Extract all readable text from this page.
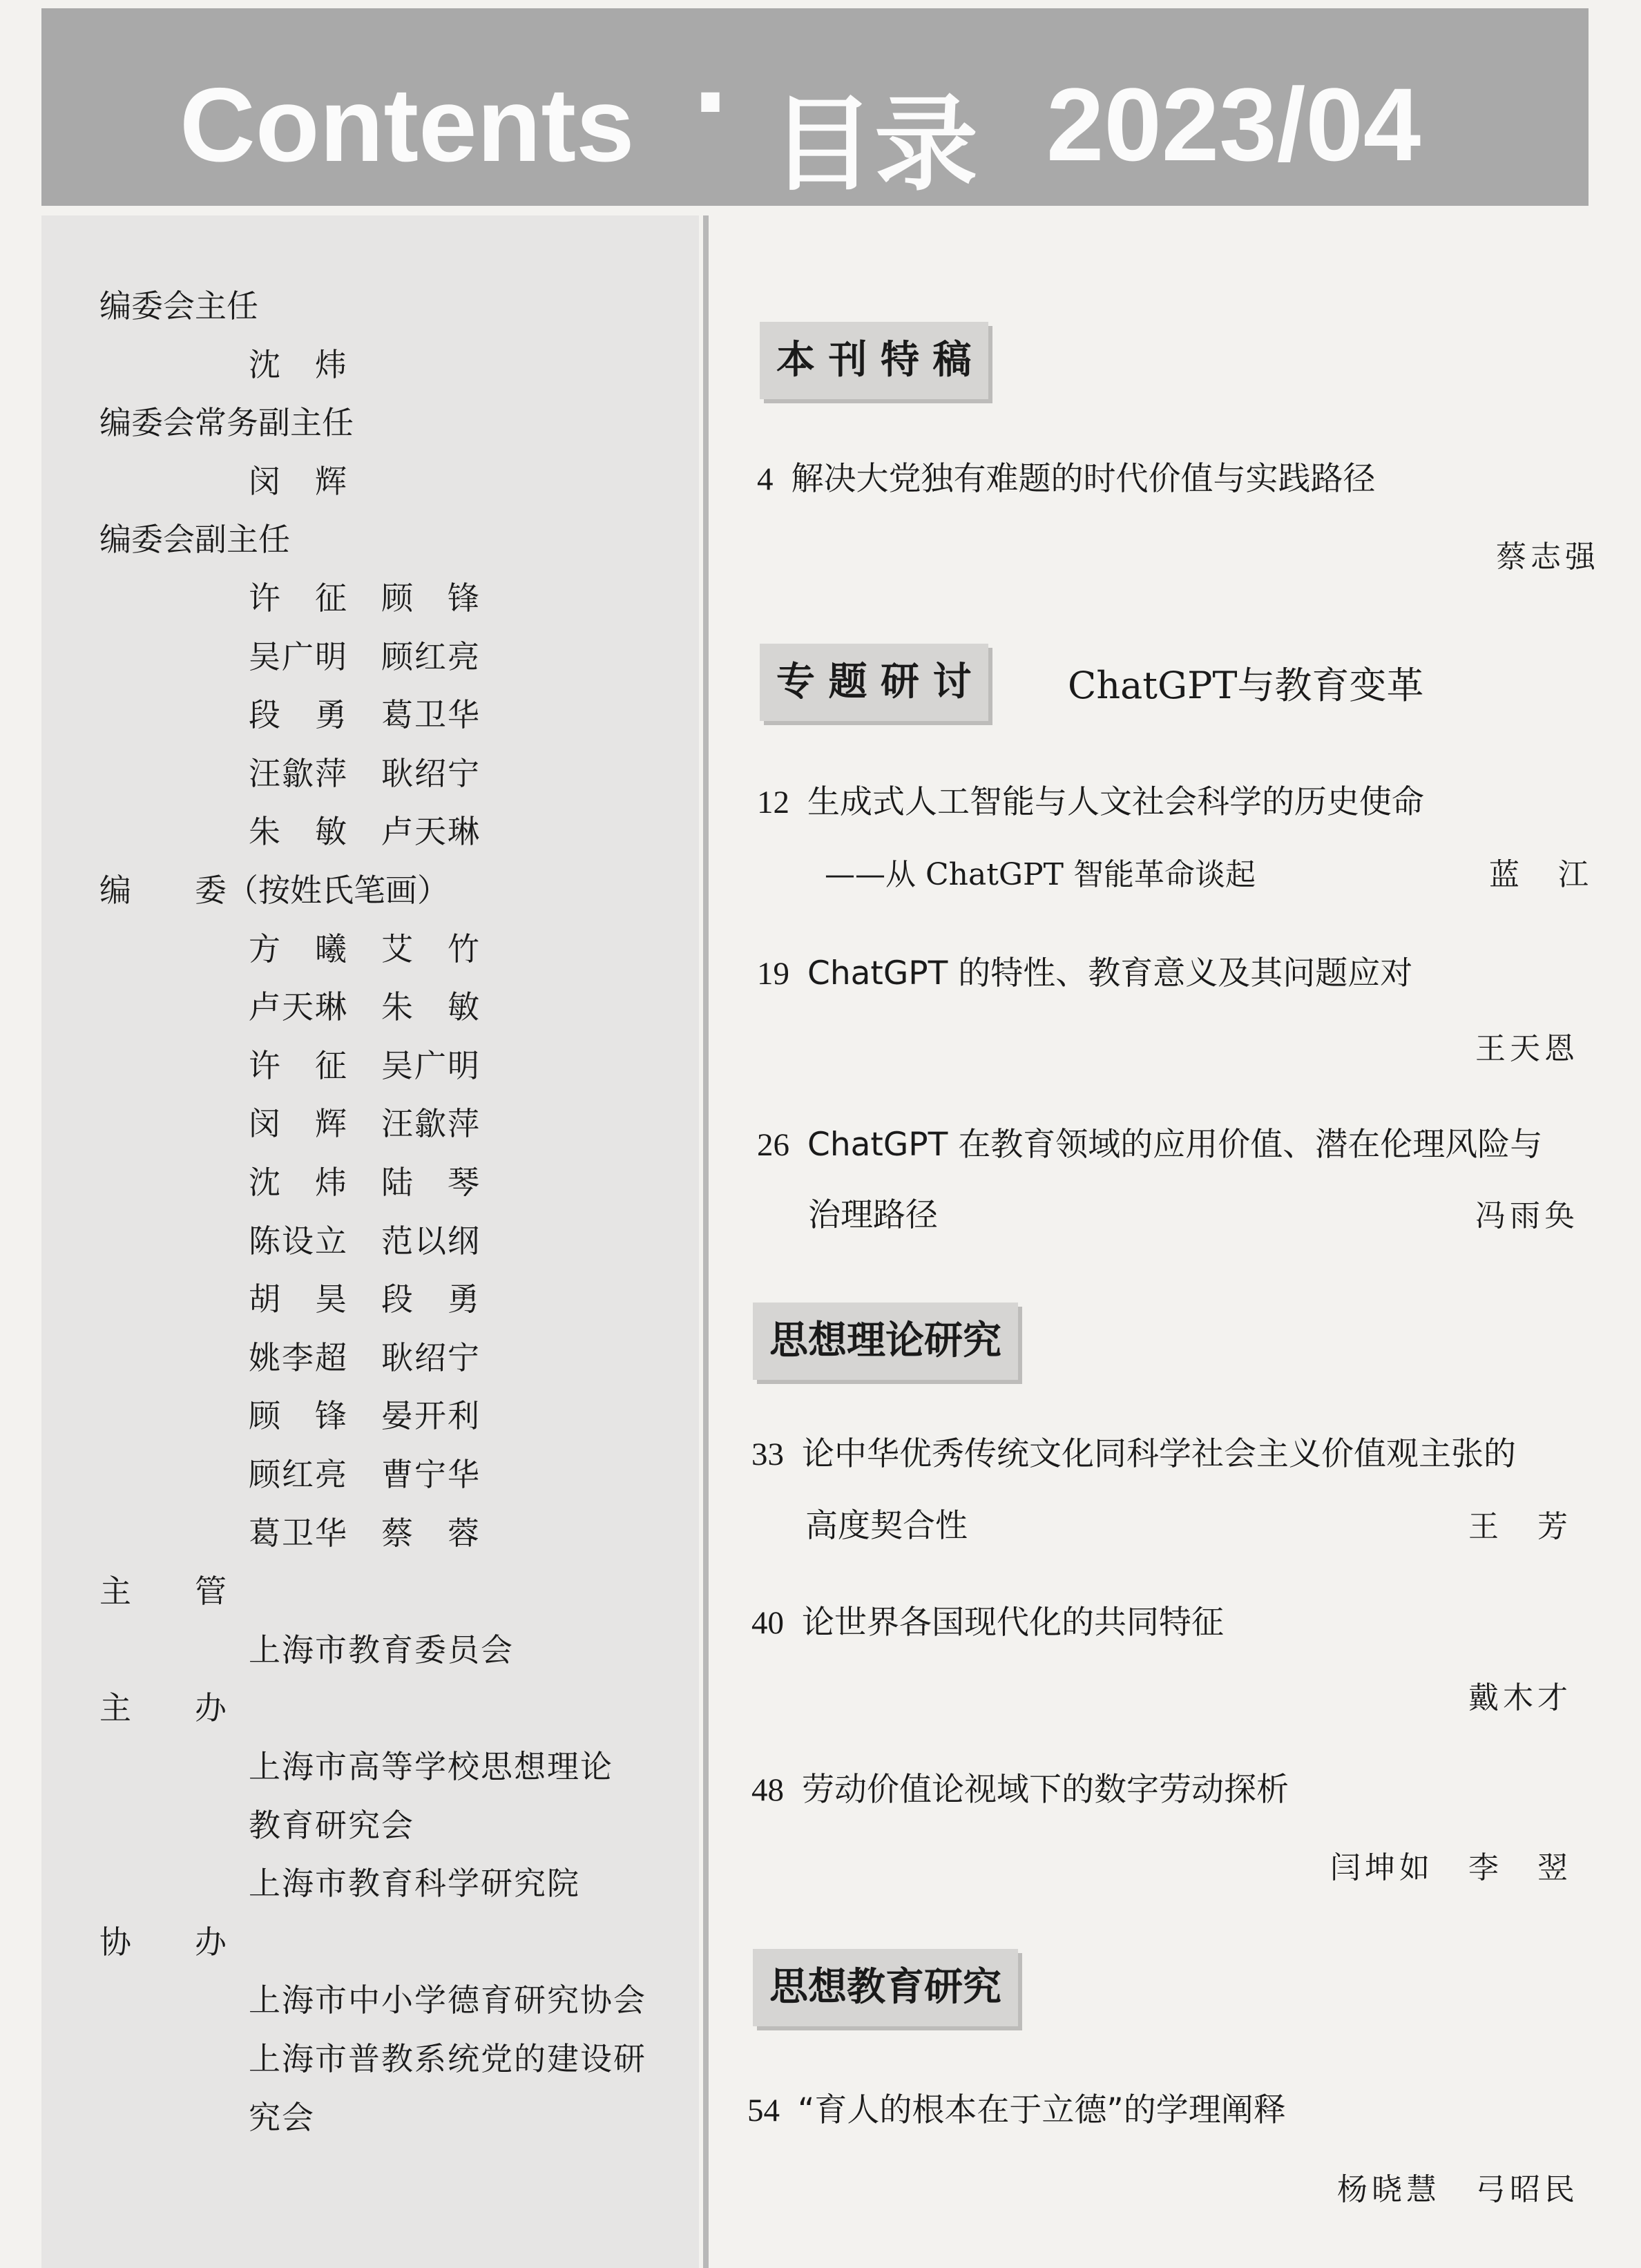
Contents · 目录 2023/04
编委会主任
沈　炜
编委会常务副主任
闵　辉
编委会副主任
许　征　顾　锋
吴广明　顾红亮
段　勇　葛卫华
汪歙萍　耿绍宁
朱　敏　卢天琳
编　　委（按姓氏笔画）
方　曦　艾　竹
卢天琳　朱　敏
许　征　吴广明
闵　辉　汪歙萍
沈　炜　陆　琴
陈设立　范以纲
胡　昊　段　勇
姚李超　耿绍宁
顾　锋　晏开利
顾红亮　曹宁华
葛卫华　蔡　蓉
主　　管
上海市教育委员会
主　　办
上海市高等学校思想理论
教育研究会
上海市教育科学研究院
协　　办
上海市中小学德育研究协会
上海市普教系统党的建设研
究会
本 刊 特 稿
4 解决大党独有难题的时代价值与实践路径
蔡志强
专 题 研 讨	ChatGPT与教育变革
12 生成式人工智能与人文社会科学的历史使命
——从 ChatGPT 智能革命谈起	蓝　江
19 ChatGPT 的特性、教育意义及其问题应对
王天恩
26 ChatGPT 在教育领域的应用价值、潜在伦理风险与
治理路径	冯雨奂
思想理论研究
33 论中华优秀传统文化同科学社会主义价值观主张的
高度契合性	王　芳
40 论世界各国现代化的共同特征
戴木才
48 劳动价值论视域下的数字劳动探析
闫坤如　李　翌
思想教育研究
54 “育人的根本在于立德”的学理阐释
杨晓慧　弓昭民
